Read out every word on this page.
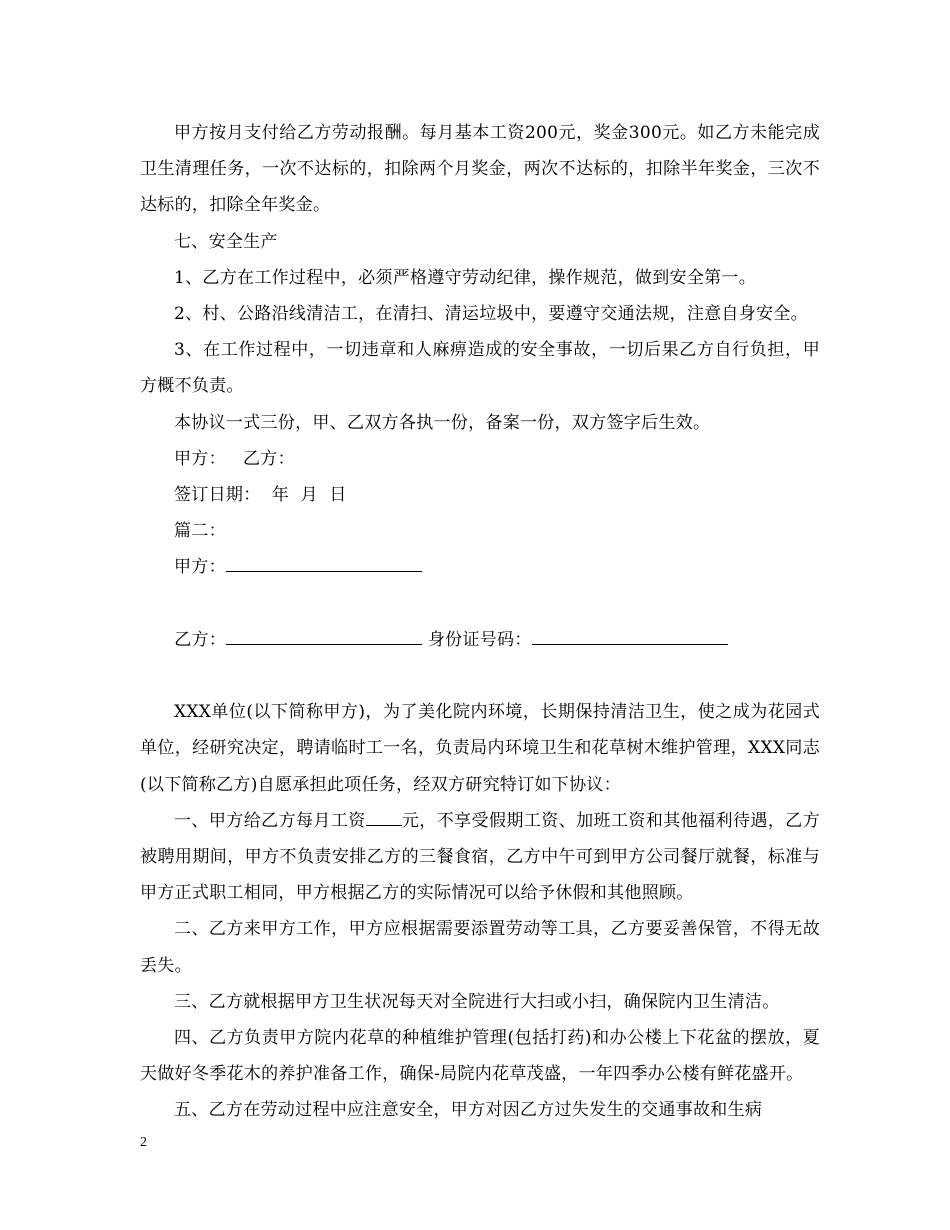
甲方按月支付给乙方劳动报酬。每月基本工资200元，奖金300元。如乙方未能完成卫生清理任务，一次不达标的，扣除两个月奖金，两次不达标的，扣除半年奖金，三次不达标的，扣除全年奖金。

七、安全生产

1、乙方在工作过程中，必须严格遵守劳动纪律，操作规范，做到安全第一。

2、村、公路沿线清洁工，在清扫、清运垃圾中，要遵守交通法规，注意自身安全。

3、在工作过程中，一切违章和人麻痹造成的安全事故，一切后果乙方自行负担，甲方概不负责。

本协议一式三份，甲、乙双方各执一份，备案一份，双方签字后生效。

甲方：   乙方：

签订日期：  年  月  日

篇二：

甲方：

乙方：	身份证号码：

XXX单位(以下简称甲方)，为了美化院内环境，长期保持清洁卫生，使之成为花园式单位，经研究决定，聘请临时工一名，负责局内环境卫生和花草树木维护管理，XXX同志(以下简称乙方)自愿承担此项任务，经双方研究特订如下协议：

一、甲方给乙方每月工资 元，不享受假期工资、加班工资和其他福利待遇，乙方被聘用期间，甲方不负责安排乙方的三餐食宿，乙方中午可到甲方公司餐厅就餐，标准与甲方正式职工相同，甲方根据乙方的实际情况可以给予休假和其他照顾。

二、乙方来甲方工作，甲方应根据需要添置劳动等工具，乙方要妥善保管，不得无故丢失。

三、乙方就根据甲方卫生状况每天对全院进行大扫或小扫，确保院内卫生清洁。

四、乙方负责甲方院内花草的种植维护管理(包括打药)和办公楼上下花盆的摆放，夏天做好冬季花木的养护准备工作，确保-局院内花草茂盛，一年四季办公楼有鲜花盛开。

五、乙方在劳动过程中应注意安全，甲方对因乙方过失发生的交通事故和生病

2
